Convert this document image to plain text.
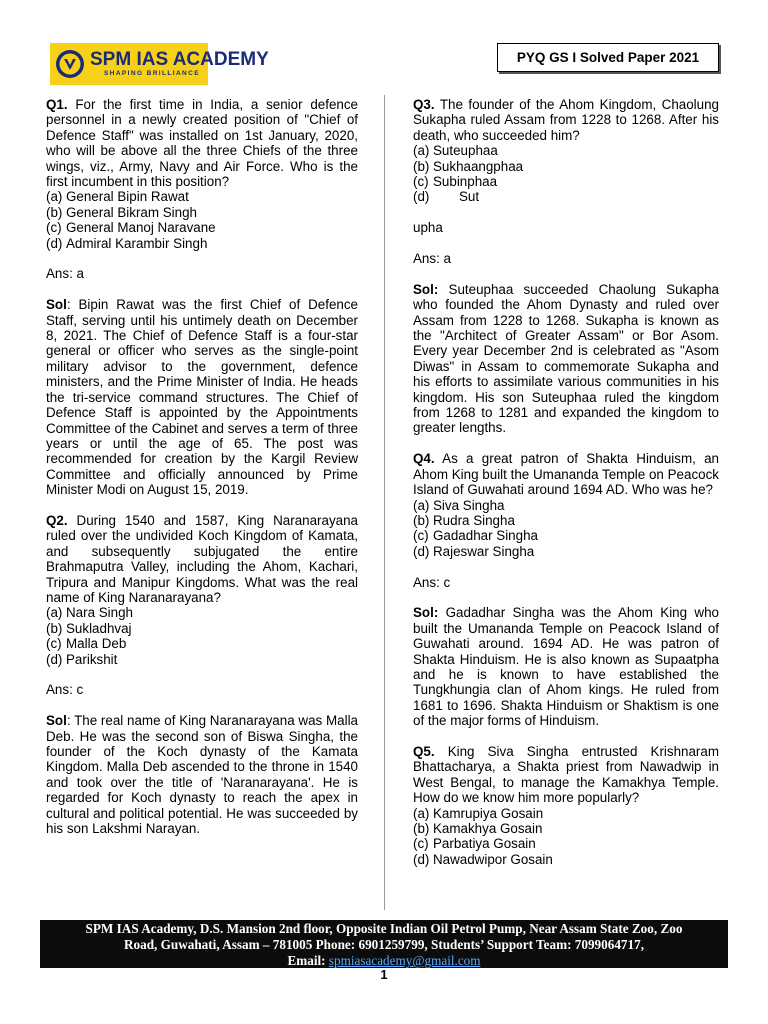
SPM IAS ACADEMY
SHAPING BRILLIANCE
PYQ GS I Solved Paper 2021
Q1. For the first time in India, a senior defence personnel in a newly created position of "Chief of Defence Staff" was installed on 1st January, 2020, who will be above all the three Chiefs of the three wings, viz., Army, Navy and Air Force. Who is the first incumbent in this position?
(a) General Bipin Rawat
(b) General Bikram Singh
(c) General Manoj Naravane
(d) Admiral Karambir Singh
Ans: a
Sol: Bipin Rawat was the first Chief of Defence Staff, serving until his untimely death on December 8, 2021. The Chief of Defence Staff is a four-star general or officer who serves as the single-point military advisor to the government, defence ministers, and the Prime Minister of India. He heads the tri-service command structures. The Chief of Defence Staff is appointed by the Appointments Committee of the Cabinet and serves a term of three years or until the age of 65. The post was recommended for creation by the Kargil Review Committee and officially announced by Prime Minister Modi on August 15, 2019.
Q2. During 1540 and 1587, King Naranarayana ruled over the undivided Koch Kingdom of Kamata, and subsequently subjugated the entire Brahmaputra Valley, including the Ahom, Kachari, Tripura and Manipur Kingdoms. What was the real name of King Naranarayana?
(a) Nara Singh
(b) Sukladhvaj
(c) Malla Deb
(d) Parikshit
Ans: c
Sol: The real name of King Naranarayana was Malla Deb. He was the second son of Biswa Singha, the founder of the Koch dynasty of the Kamata Kingdom. Malla Deb ascended to the throne in 1540 and took over the title of 'Naranarayana'. He is regarded for Koch dynasty to reach the apex in cultural and political potential. He was succeeded by his son Lakshmi Narayan.
Q3. The founder of the Ahom Kingdom, Chaolung Sukapha ruled Assam from 1228 to 1268. After his death, who succeeded him?
(a) Suteuphaa
(b) Sukhaangphaa
(c) Subinphaa
(d)	Sut
upha
Ans: a
Sol: Suteuphaa succeeded Chaolung Sukapha who founded the Ahom Dynasty and ruled over Assam from 1228 to 1268. Sukapha is known as the "Architect of Greater Assam" or Bor Asom. Every year December 2nd is celebrated as "Asom Diwas" in Assam to commemorate Sukapha and his efforts to assimilate various communities in his kingdom. His son Suteuphaa ruled the kingdom from 1268 to 1281 and expanded the kingdom to greater lengths.
Q4. As a great patron of Shakta Hinduism, an Ahom King built the Umananda Temple on Peacock Island of Guwahati around 1694 AD. Who was he?
(a) Siva Singha
(b) Rudra Singha
(c) Gadadhar Singha
(d) Rajeswar Singha
Ans: c
Sol: Gadadhar Singha was the Ahom King who built the Umananda Temple on Peacock Island of Guwahati around. 1694 AD. He was patron of Shakta Hinduism. He is also known as Supaatpha and he is known to have established the Tungkhungia clan of Ahom kings. He ruled from 1681 to 1696. Shakta Hinduism or Shaktism is one of the major forms of Hinduism.
Q5. King Siva Singha entrusted Krishnaram Bhattacharya, a Shakta priest from Nawadwip in West Bengal, to manage the Kamakhya Temple. How do we know him more popularly?
(a) Kamrupiya Gosain
(b) Kamakhya Gosain
(c) Parbatiya Gosain
(d) Nawadwipor Gosain
SPM IAS Academy, D.S. Mansion 2nd floor, Opposite Indian Oil Petrol Pump, Near Assam State Zoo, Zoo
Road, Guwahati, Assam – 781005 Phone: 6901259799, Students’ Support Team: 7099064717,
Email: spmiasacademy@gmail.com
1
